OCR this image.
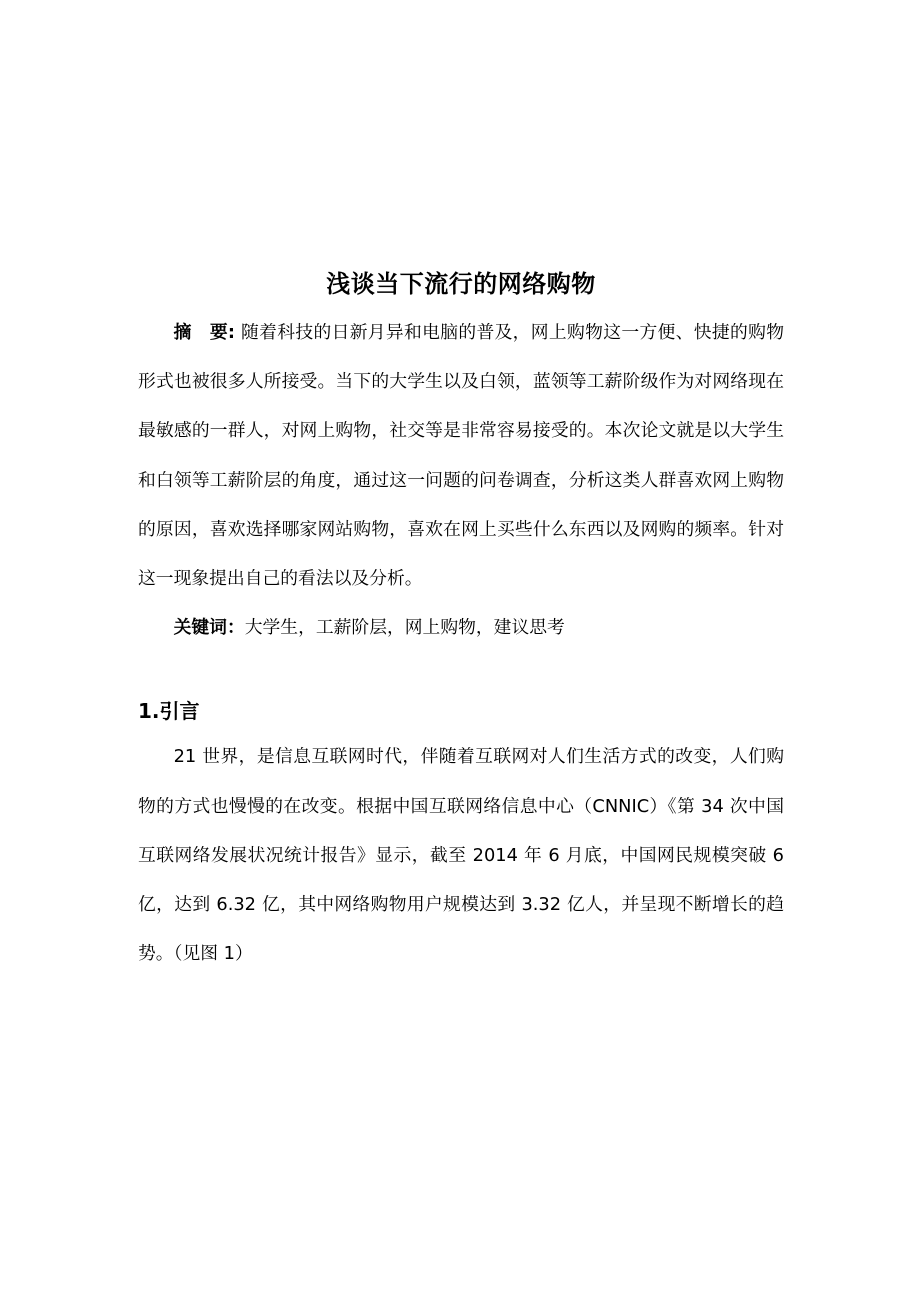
浅谈当下流行的网络购物

摘　要: 随着科技的日新月异和电脑的普及，网上购物这一方便、快捷的购物形式也被很多人所接受。当下的大学生以及白领，蓝领等工薪阶级作为对网络现在最敏感的一群人，对网上购物，社交等是非常容易接受的。本次论文就是以大学生和白领等工薪阶层的角度，通过这一问题的问卷调查，分析这类人群喜欢网上购物的原因，喜欢选择哪家网站购物，喜欢在网上买些什么东西以及网购的频率。针对这一现象提出自己的看法以及分析。

关键词：大学生，工薪阶层，网上购物，建议思考

1.引言

21 世界，是信息互联网时代，伴随着互联网对人们生活方式的改变，人们购物的方式也慢慢的在改变。根据中国互联网络信息中心（CNNIC）《第 34 次中国互联网络发展状况统计报告》显示，截至 2014 年 6 月底，中国网民规模突破 6 亿，达到 6.32 亿，其中网络购物用户规模达到 3.32 亿人，并呈现不断增长的趋势。（见图 1）
